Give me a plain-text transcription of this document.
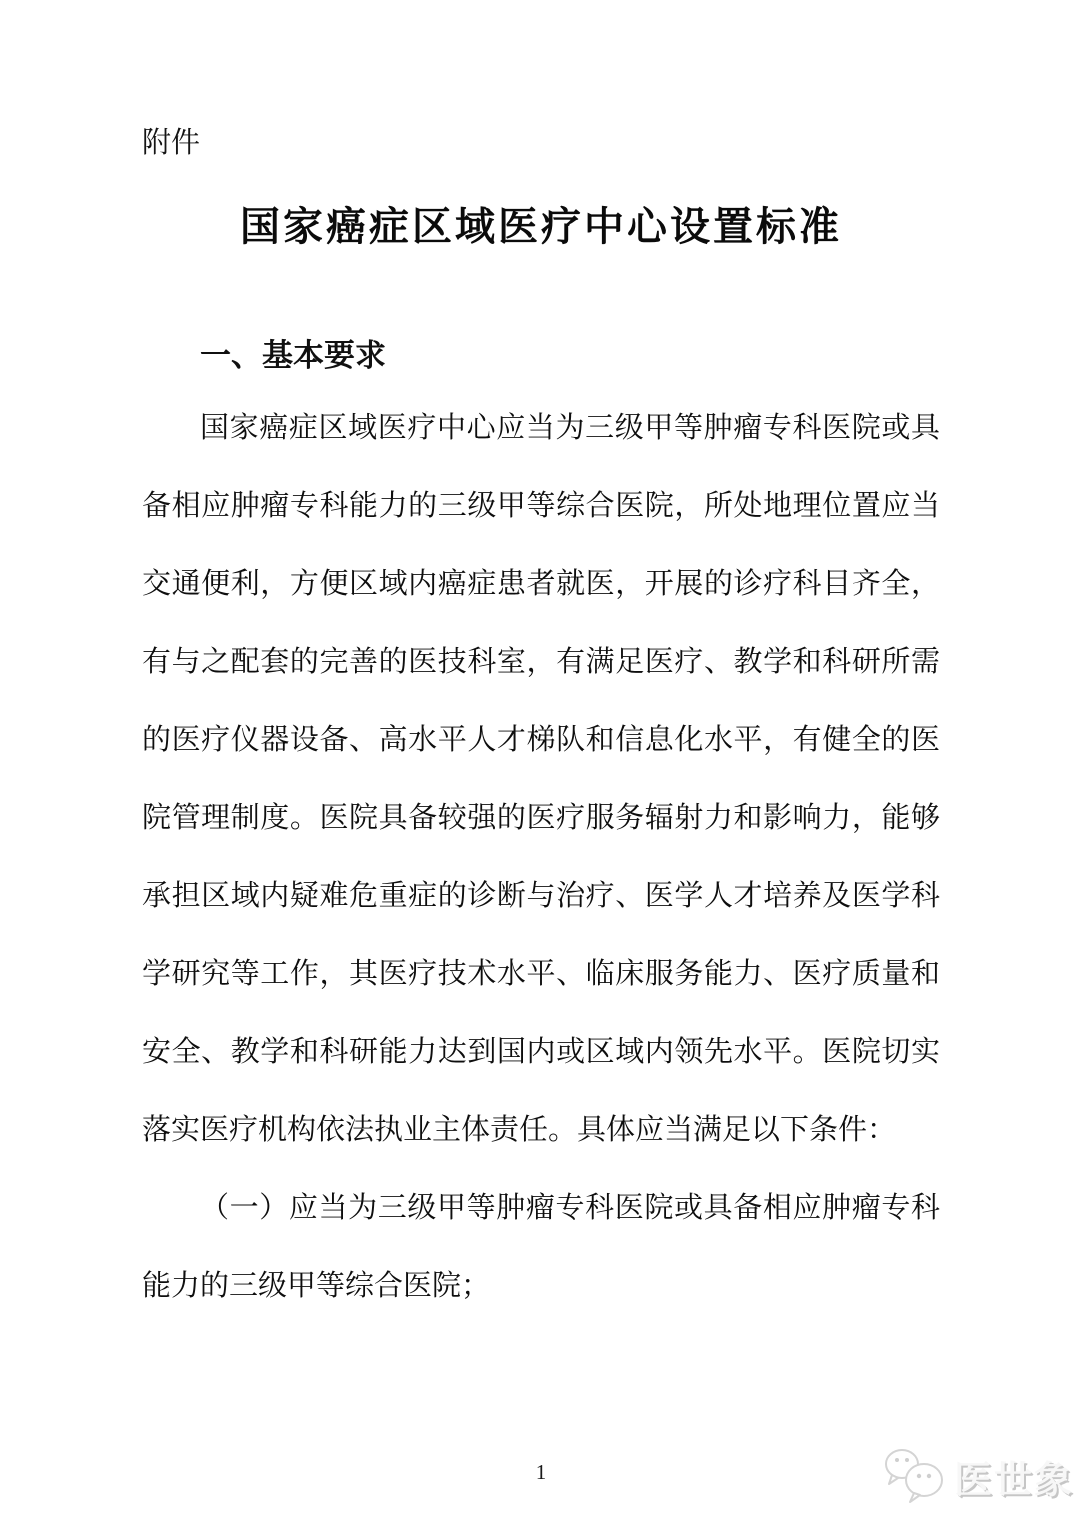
附件
国家癌症区域医疗中心设置标准
一、基本要求
国家癌症区域医疗中心应当为三级甲等肿瘤专科医院或具
备相应肿瘤专科能力的三级甲等综合医院，所处地理位置应当
交通便利，方便区域内癌症患者就医，开展的诊疗科目齐全，
有与之配套的完善的医技科室，有满足医疗、教学和科研所需
的医疗仪器设备、高水平人才梯队和信息化水平，有健全的医
院管理制度。医院具备较强的医疗服务辐射力和影响力，能够
承担区域内疑难危重症的诊断与治疗、医学人才培养及医学科
学研究等工作，其医疗技术水平、临床服务能力、医疗质量和
安全、教学和科研能力达到国内或区域内领先水平。医院切实
落实医疗机构依法执业主体责任。具体应当满足以下条件：
（一）应当为三级甲等肿瘤专科医院或具备相应肿瘤专科
能力的三级甲等综合医院；
1	医世象
